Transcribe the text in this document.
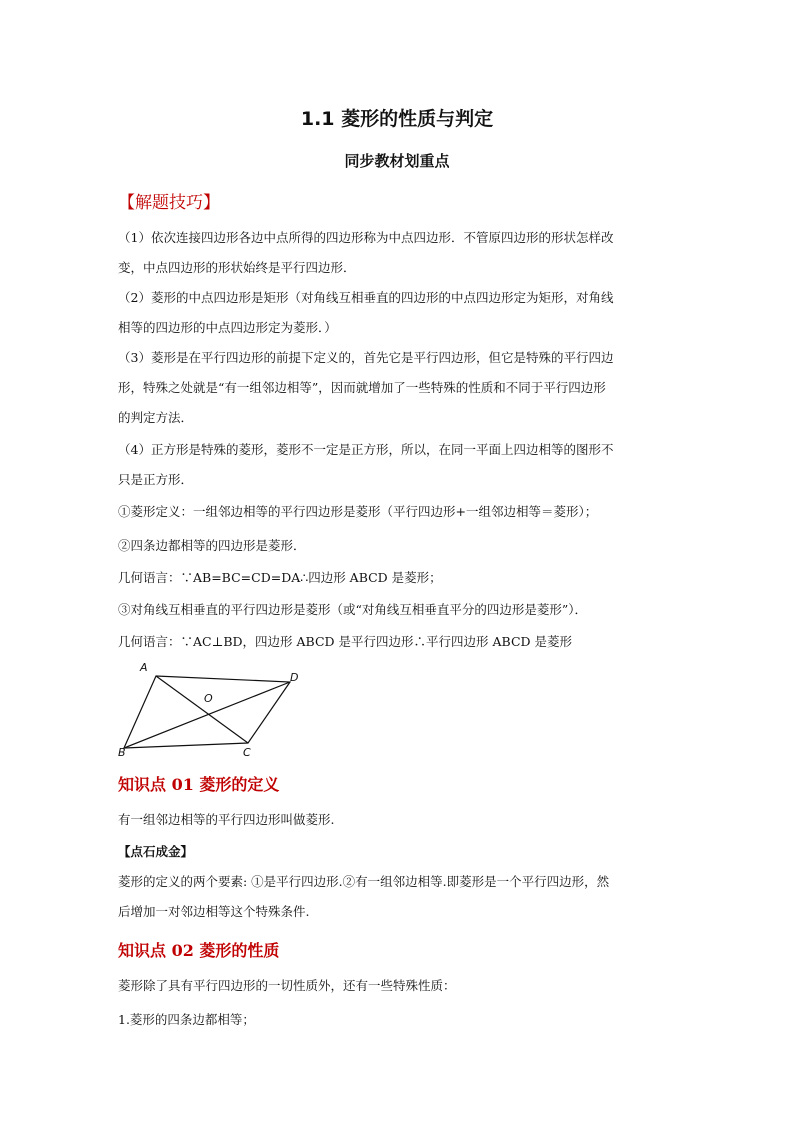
1.1 菱形的性质与判定
同步教材划重点
【解题技巧】
（1）依次连接四边形各边中点所得的四边形称为中点四边形．不管原四边形的形状怎样改
变，中点四边形的形状始终是平行四边形．
（2）菱形的中点四边形是矩形（对角线互相垂直的四边形的中点四边形定为矩形，对角线
相等的四边形的中点四边形定为菱形．）
（3）菱形是在平行四边形的前提下定义的，首先它是平行四边形，但它是特殊的平行四边
形，特殊之处就是“有一组邻边相等”，因而就增加了一些特殊的性质和不同于平行四边形
的判定方法．
（4）正方形是特殊的菱形，菱形不一定是正方形，所以，在同一平面上四边相等的图形不
只是正方形．
①菱形定义：一组邻边相等的平行四边形是菱形（平行四边形+一组邻边相等＝菱形）；
②四条边都相等的四边形是菱形．
几何语言：∵AB=BC=CD=DA∴四边形 ABCD 是菱形；
③对角线互相垂直的平行四边形是菱形（或“对角线互相垂直平分的四边形是菱形”）．
几何语言：∵AC⊥BD，四边形 ABCD 是平行四边形∴平行四边形 ABCD 是菱形
A
D
O
B	C
知识点 01 菱形的定义
有一组邻边相等的平行四边形叫做菱形.
【点石成金】
菱形的定义的两个要素: ①是平行四边形.②有一组邻边相等.即菱形是一个平行四边形，然
后增加一对邻边相等这个特殊条件.
知识点 02 菱形的性质
菱形除了具有平行四边形的一切性质外，还有一些特殊性质：
1.菱形的四条边都相等；
